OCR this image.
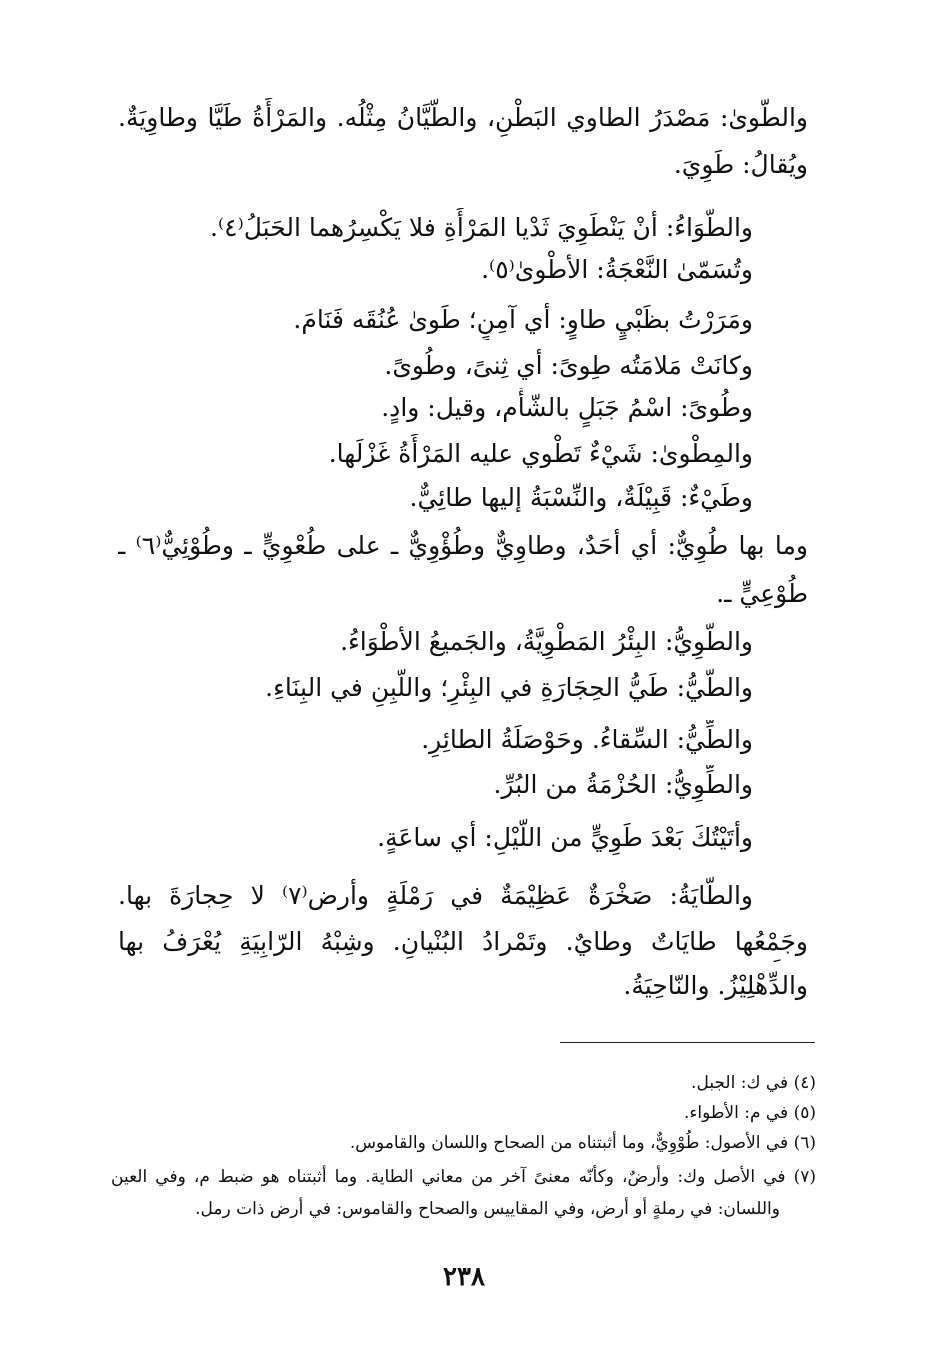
والطَّوىٰ: مَصْدَرُ الطاوي البَطْنِ، والطَّيَّانُ مِثْلُه. والمَرْأَةُ طَيَّا وطاوِيَةٌ.
ويُقالُ: طَوِيَ.
والطَّوَاءُ: أنْ يَنْطَوِيَ ثَدْيا المَرْأَةِ فلا يَكْسِرُهما الحَبَلُ⁽٤⁾.
وتُسَمّىٰ النَّعْجَةُ: الأطْوىٰ⁽٥⁾.
ومَرَرْتُ بظَبْيٍ طاوٍ: أي آمِنٍ؛ طَوىٰ عُنُقَه فَنَامَ.
وكانَتْ مَلامَتُه طِوىً: أي ثِنىً، وطُوىً.
وطُوىً: اسْمُ جَبَلٍ بالشّأْم، وقيل: وادٍ.
والمِطْوىٰ: شَيْءٌ تَطْوي عليه المَرْأَةُ غَزْلَها.
وطَيْءٌ: قَبِيْلَةٌ، والنِّسْبَةُ إليها طائِيٌّ.
وما بها طُوِيٌّ: أي أحَدٌ، وطاوِيٌّ وطُؤْوِيٌّ ـ على طُعْوِيٍّ ـ وطُوْئِيٌّ⁽٦⁾ ـ
طُوْعِيٍّ ـ.
والطَّوِيُّ: البِئْرُ المَطْوِيَّةُ، والجَميعُ الأطْوَاءُ.
والطَّيُّ: طَيُّ الحِجَارَةِ في البِئْرِ؛ واللَّبِنِ في البِنَاءِ.
والطِّيُّ: السِّقاءُ. وحَوْصَلَةُ الطائِرِ.
والطِّوِيُّ: الحُزْمَةُ من البُرِّ.
وأتَيْتُكَ بَعْدَ طَوِيٍّ من اللَّيْلِ: أي ساعَةٍ.
والطّايَةُ: صَخْرَةٌ عَظِيْمَةٌ في رَمْلَةٍ وأرض⁽٧⁾ لا حِجارَةَ بها.
وجَمْعُها طايَاتٌ وطايٌ. وتَمْرادُ البُنْيانِ. وشِبْهُ الرّابِيَةِ يُعْرَفُ بها
والدِّهْلِيْزُ. والنّاحِيَةُ.
(٤) في ك: الجبل.
(٥) في م: الأطواء.
(٦) في الأصول: طُوْوِيٌّ، وما أثبتناه من الصحاح واللسان والقاموس.
(٧) في الأصل وك: وأرضٌ، وكأنّه معنىً آخر من معاني الطاية. وما أثبتناه هو ضبط م، وفي العين
واللسان: في رملةٍ أو أرض، وفي المقاييس والصحاح والقاموس: في أرض ذات رمل.
٢٣٨
